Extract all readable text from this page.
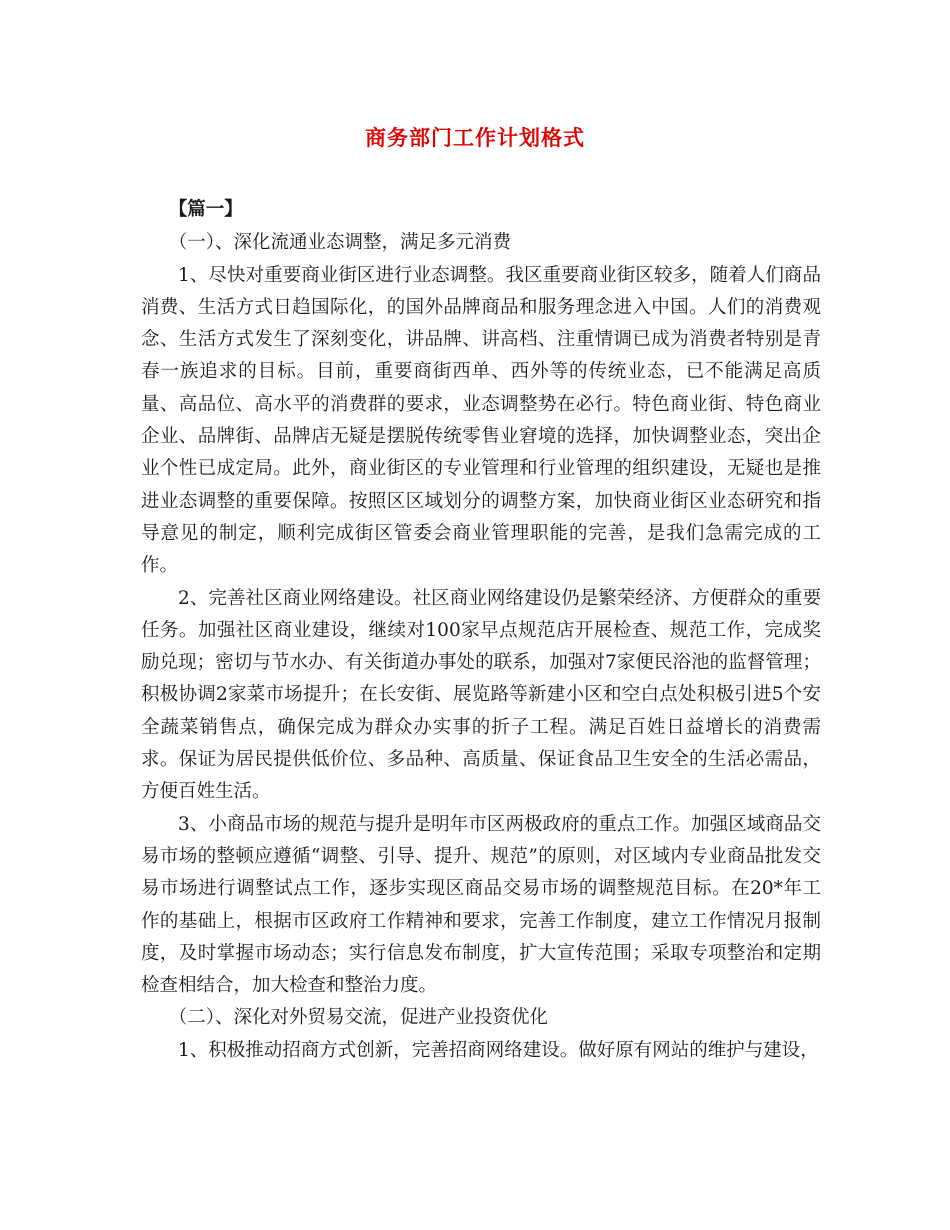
商务部门工作计划格式

【篇一】

（一）、深化流通业态调整，满足多元消费

1、尽快对重要商业街区进行业态调整。我区重要商业街区较多，随着人们商品消费、生活方式日趋国际化，的国外品牌商品和服务理念进入中国。人们的消费观念、生活方式发生了深刻变化，讲品牌、讲高档、注重情调已成为消费者特别是青春一族追求的目标。目前，重要商街西单、西外等的传统业态，已不能满足高质量、高品位、高水平的消费群的要求，业态调整势在必行。特色商业街、特色商业企业、品牌街、品牌店无疑是摆脱传统零售业窘境的选择，加快调整业态，突出企业个性已成定局。此外，商业街区的专业管理和行业管理的组织建设，无疑也是推进业态调整的重要保障。按照区区域划分的调整方案，加快商业街区业态研究和指导意见的制定，顺利完成街区管委会商业管理职能的完善，是我们急需完成的工作。

2、完善社区商业网络建设。社区商业网络建设仍是繁荣经济、方便群众的重要任务。加强社区商业建设，继续对100家早点规范店开展检查、规范工作，完成奖励兑现；密切与节水办、有关街道办事处的联系，加强对7家便民浴池的监督管理；积极协调2家菜市场提升；在长安街、展览路等新建小区和空白点处积极引进5个安全蔬菜销售点，确保完成为群众办实事的折子工程。满足百姓日益增长的消费需求。保证为居民提供低价位、多品种、高质量、保证食品卫生安全的生活必需品，方便百姓生活。

3、小商品市场的规范与提升是明年市区两极政府的重点工作。加强区域商品交易市场的整顿应遵循“调整、引导、提升、规范”的原则，对区域内专业商品批发交易市场进行调整试点工作，逐步实现区商品交易市场的调整规范目标。在20*年工作的基础上，根据市区政府工作精神和要求，完善工作制度，建立工作情况月报制度，及时掌握市场动态；实行信息发布制度，扩大宣传范围；采取专项整治和定期检查相结合，加大检查和整治力度。

（二）、深化对外贸易交流，促进产业投资优化

1、积极推动招商方式创新，完善招商网络建设。做好原有网站的维护与建设，
